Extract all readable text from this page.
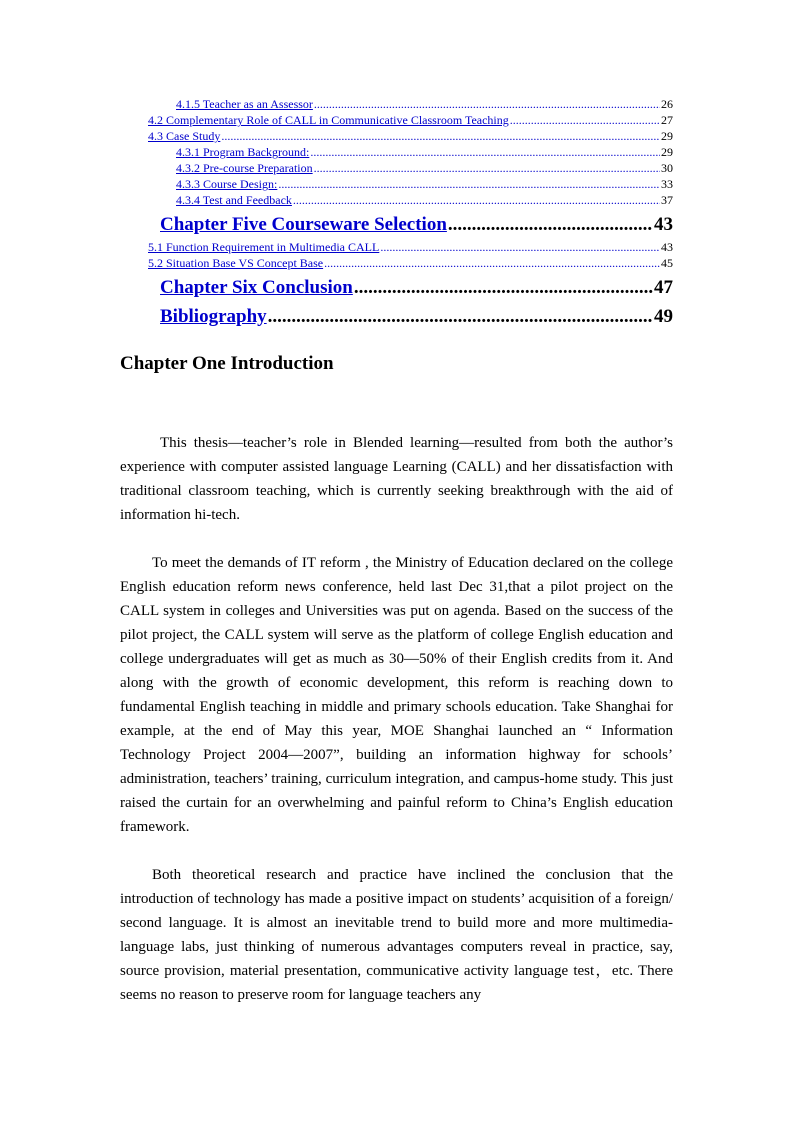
4.1.5 Teacher as an Assessor .....	26
4.2 Complementary Role of CALL in Communicative Classroom Teaching .....	27
4.3 Case Study .....	29
4.3.1 Program Background: .....	29
4.3.2 Pre-course Preparation .....	30
4.3.3 Course Design: .....	33
4.3.4 Test and Feedback .....	37
Chapter Five Courseware Selection .....	43
5.1 Function Requirement in Multimedia CALL .....	43
5.2 Situation Base VS Concept Base .....	45
Chapter Six Conclusion .....	47
Bibliography .....	49
Chapter One Introduction

This thesis—teacher’s role in Blended learning—resulted from both the author’s experience with computer assisted language Learning (CALL) and her dissatisfaction with traditional classroom teaching, which is currently seeking breakthrough with the aid of information hi-tech.

To meet the demands of IT reform , the Ministry of Education declared on the college English education reform news conference, held last Dec 31,that a pilot project on the CALL system in colleges and Universities was put on agenda. Based on the success of the pilot project, the CALL system will serve as the platform of college English education and college undergraduates will get as much as 30—50% of their English credits from it. And along with the growth of economic development, this reform is reaching down to fundamental English teaching in middle and primary schools education. Take Shanghai for example, at the end of May this year, MOE Shanghai launched an “ Information Technology Project 2004—2007”, building an information highway for schools’ administration, teachers’ training, curriculum integration, and campus-home study. This just raised the curtain for an overwhelming and painful reform to China’s English education framework.

Both theoretical research and practice have inclined the conclusion that the introduction of technology has made a positive impact on students’ acquisition of a foreign/ second language. It is almost an inevitable trend to build more and more multimedia-language labs, just thinking of numerous advantages computers reveal in practice, say, source provision, material presentation, communicative activity language test，etc. There seems no reason to preserve room for language teachers any
